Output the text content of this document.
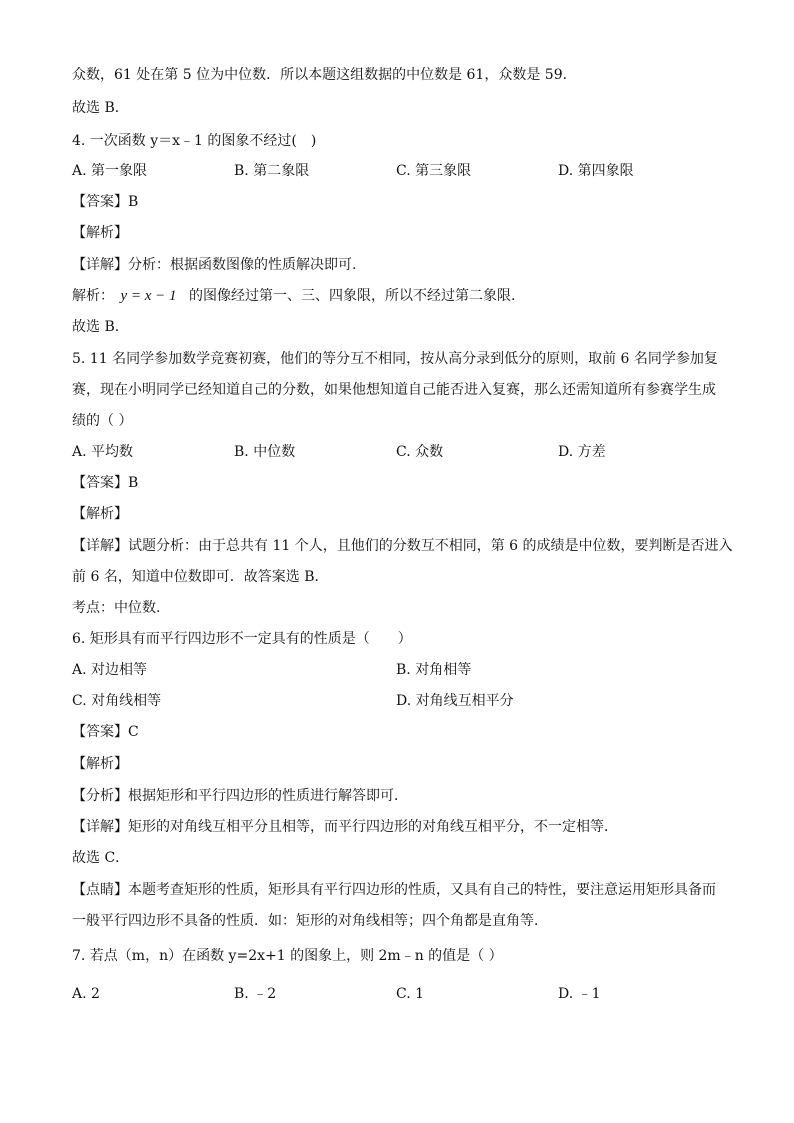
众数，61 处在第 5 位为中位数．所以本题这组数据的中位数是 61，众数是 59．
故选 B．
4. 一次函数 y＝x﹣1 的图象不经过(　)
A. 第一象限	B. 第二象限	C. 第三象限	D. 第四象限
【答案】B
【解析】
【详解】分析：根据函数图像的性质解决即可.
解析： y = x − 1 的图像经过第一、三、四象限，所以不经过第二象限.
故选 B.
5. 11 名同学参加数学竞赛初赛，他们的等分互不相同，按从高分录到低分的原则，取前 6 名同学参加复
赛，现在小明同学已经知道自己的分数，如果他想知道自己能否进入复赛，那么还需知道所有参赛学生成
绩的（ ）
A. 平均数	B. 中位数	C. 众数	D. 方差
【答案】B
【解析】
【详解】试题分析：由于总共有 11 个人，且他们的分数互不相同，第 6 的成绩是中位数，要判断是否进入
前 6 名，知道中位数即可．故答案选 B．
考点：中位数.
6. 矩形具有而平行四边形不一定具有的性质是（　　）
A. 对边相等	B. 对角相等
C. 对角线相等	D. 对角线互相平分
【答案】C
【解析】
【分析】根据矩形和平行四边形的性质进行解答即可．
【详解】矩形的对角线互相平分且相等，而平行四边形的对角线互相平分，不一定相等．
故选 C．
【点睛】本题考查矩形的性质，矩形具有平行四边形的性质，又具有自己的特性，要注意运用矩形具备而
一般平行四边形不具备的性质．如：矩形的对角线相等；四个角都是直角等．
7. 若点（m，n）在函数 y=2x+1 的图象上，则 2m﹣n 的值是（ ）
A. 2	B. ﹣2	C. 1	D. ﹣1
